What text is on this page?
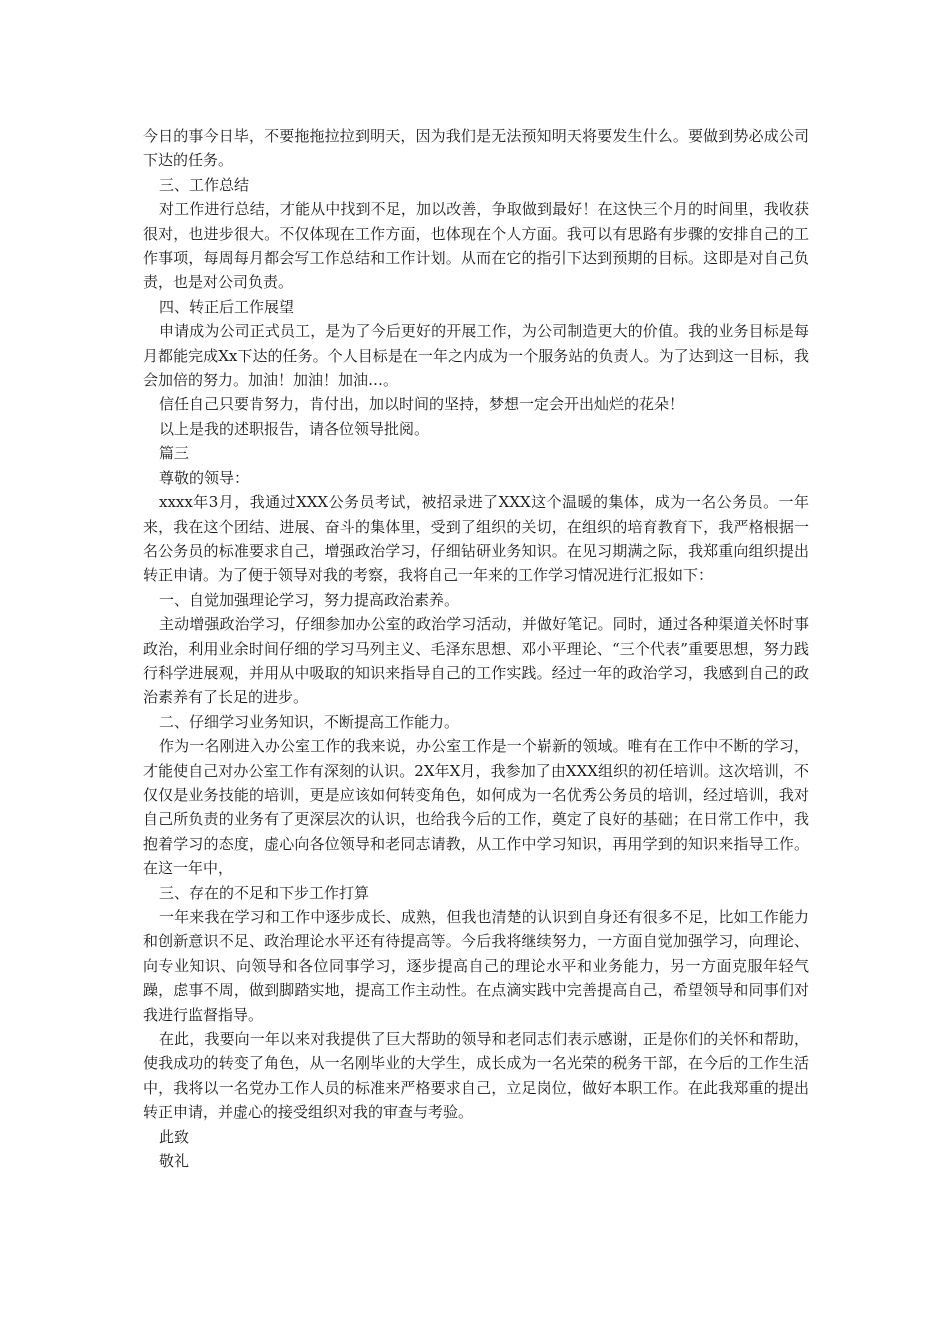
今日的事今日毕，不要拖拖拉拉到明天，因为我们是无法预知明天将要发生什么。要做到势必成公司下达的任务。

三、工作总结

对工作进行总结，才能从中找到不足，加以改善，争取做到最好！在这快三个月的时间里，我收获很对，也进步很大。不仅体现在工作方面，也体现在个人方面。我可以有思路有步骤的安排自己的工作事项，每周每月都会写工作总结和工作计划。从而在它的指引下达到预期的目标。这即是对自己负责，也是对公司负责。

四、转正后工作展望

申请成为公司正式员工，是为了今后更好的开展工作，为公司制造更大的价值。我的业务目标是每月都能完成Xx下达的任务。个人目标是在一年之内成为一个服务站的负责人。为了达到这一目标，我会加倍的努力。加油！加油！加油…。

信任自己只要肯努力，肯付出，加以时间的坚持，梦想一定会开出灿烂的花朵！

以上是我的述职报告，请各位领导批阅。

篇三

尊敬的领导：

xxxx年3月，我通过XXX公务员考试，被招录进了XXX这个温暖的集体，成为一名公务员。一年来，我在这个团结、进展、奋斗的集体里，受到了组织的关切，在组织的培育教育下，我严格根据一名公务员的标准要求自己，增强政治学习，仔细钻研业务知识。在见习期满之际，我郑重向组织提出转正申请。为了便于领导对我的考察，我将自己一年来的工作学习情况进行汇报如下：

一、自觉加强理论学习，努力提高政治素养。

主动增强政治学习，仔细参加办公室的政治学习活动，并做好笔记。同时，通过各种渠道关怀时事政治，利用业余时间仔细的学习马列主义、毛泽东思想、邓小平理论、“三个代表”重要思想，努力践行科学进展观，并用从中吸取的知识来指导自己的工作实践。经过一年的政治学习，我感到自己的政治素养有了长足的进步。

二、仔细学习业务知识，不断提高工作能力。

作为一名刚进入办公室工作的我来说，办公室工作是一个崭新的领域。唯有在工作中不断的学习，才能使自己对办公室工作有深刻的认识。2X年X月，我参加了由XXX组织的初任培训。这次培训，不仅仅是业务技能的培训，更是应该如何转变角色，如何成为一名优秀公务员的培训，经过培训，我对自己所负责的业务有了更深层次的认识，也给我今后的工作，奠定了良好的基础；在日常工作中，我抱着学习的态度，虚心向各位领导和老同志请教，从工作中学习知识，再用学到的知识来指导工作。在这一年中，

三、存在的不足和下步工作打算

一年来我在学习和工作中逐步成长、成熟，但我也清楚的认识到自身还有很多不足，比如工作能力和创新意识不足、政治理论水平还有待提高等。今后我将继续努力，一方面自觉加强学习，向理论、向专业知识、向领导和各位同事学习，逐步提高自己的理论水平和业务能力，另一方面克服年轻气躁，虑事不周，做到脚踏实地，提高工作主动性。在点滴实践中完善提高自己，希望领导和同事们对我进行监督指导。

在此，我要向一年以来对我提供了巨大帮助的领导和老同志们表示感谢，正是你们的关怀和帮助，使我成功的转变了角色，从一名刚毕业的大学生，成长成为一名光荣的税务干部，在今后的工作生活中，我将以一名党办工作人员的标准来严格要求自己，立足岗位，做好本职工作。在此我郑重的提出转正申请，并虚心的接受组织对我的审查与考验。

此致

敬礼
